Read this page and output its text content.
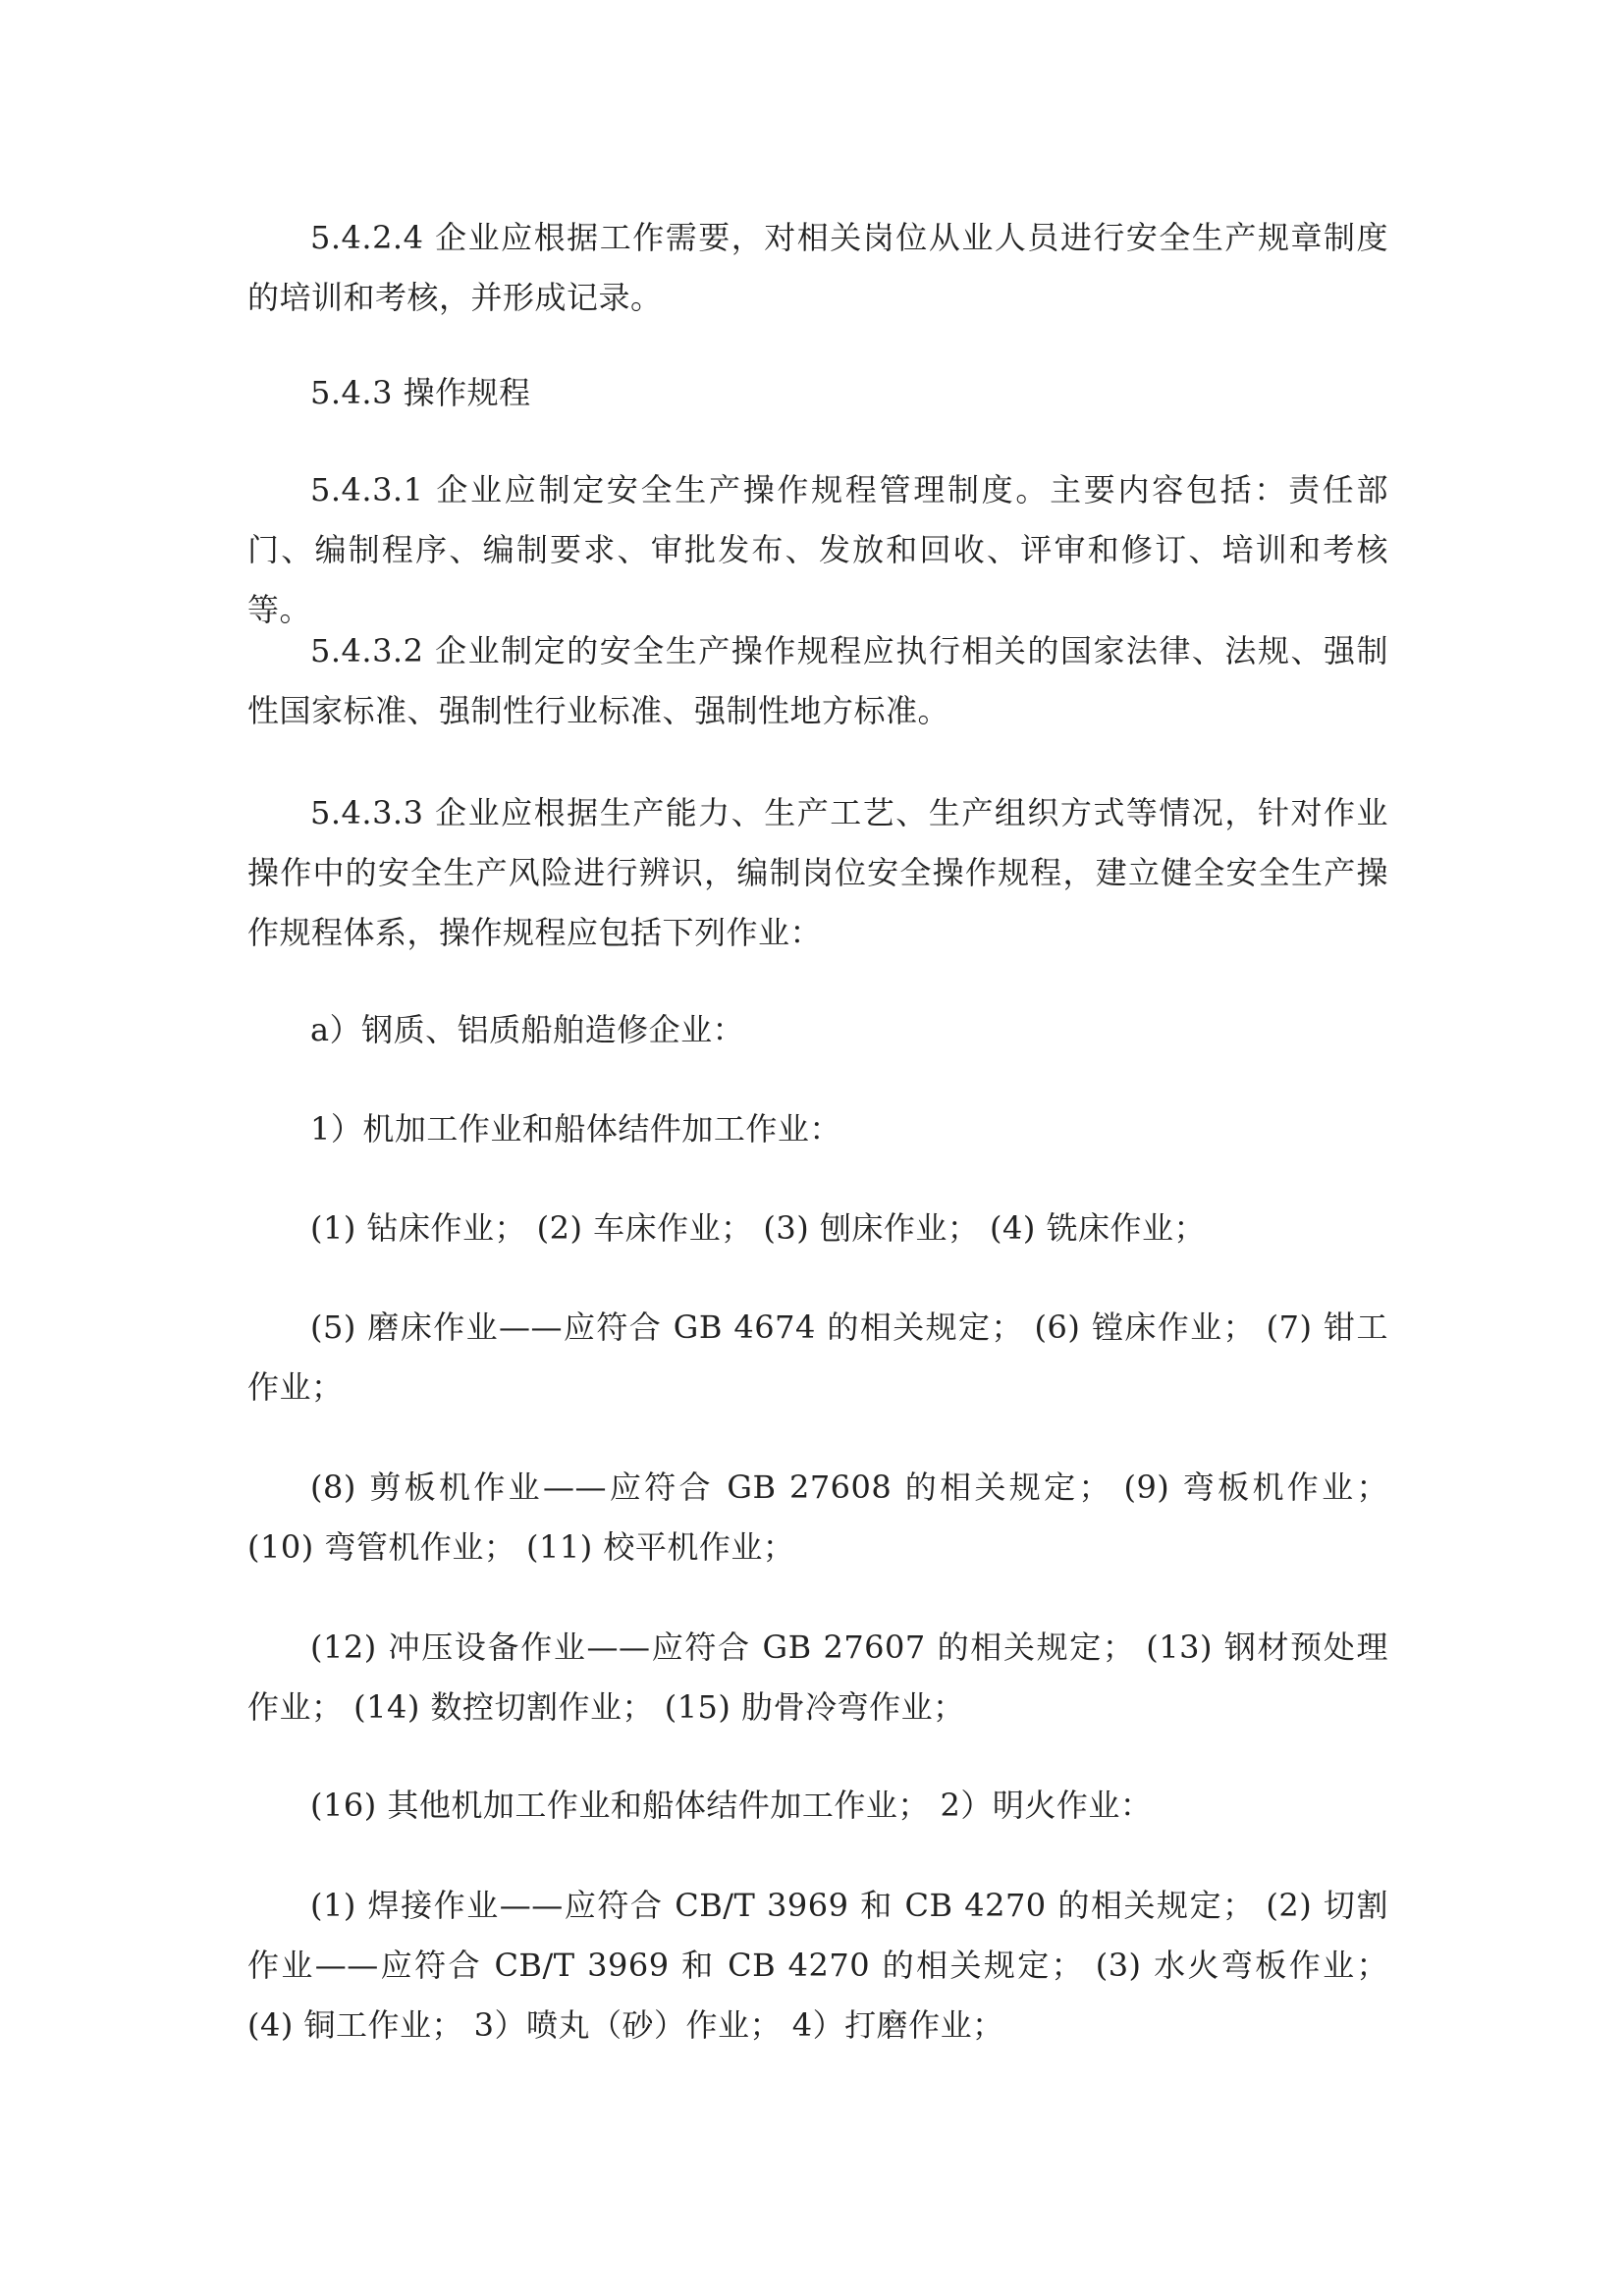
5.4.2.4 企业应根据工作需要，对相关岗位从业人员进行安全生产规章制度的培训和考核，并形成记录。

5.4.3 操作规程

5.4.3.1 企业应制定安全生产操作规程管理制度。主要内容包括：责任部门、编制程序、编制要求、审批发布、发放和回收、评审和修订、培训和考核等。

5.4.3.2 企业制定的安全生产操作规程应执行相关的国家法律、法规、强制性国家标准、强制性行业标准、强制性地方标准。

5.4.3.3 企业应根据生产能力、生产工艺、生产组织方式等情况，针对作业操作中的安全生产风险进行辨识，编制岗位安全操作规程，建立健全安全生产操作规程体系，操作规程应包括下列作业：

a）钢质、铝质船舶造修企业：

1）机加工作业和船体结件加工作业：

(1) 钻床作业； (2) 车床作业； (3) 刨床作业； (4) 铣床作业；

(5) 磨床作业——应符合 GB 4674 的相关规定； (6) 镗床作业； (7) 钳工作业；

(8) 剪板机作业——应符合 GB 27608 的相关规定； (9) 弯板机作业； (10) 弯管机作业； (11) 校平机作业；

(12) 冲压设备作业——应符合 GB 27607 的相关规定； (13) 钢材预处理作业； (14) 数控切割作业； (15) 肋骨冷弯作业；

(16) 其他机加工作业和船体结件加工作业； 2）明火作业：

(1) 焊接作业——应符合 CB/T 3969 和 CB 4270 的相关规定； (2) 切割作业——应符合 CB/T 3969 和 CB 4270 的相关规定； (3) 水火弯板作业； (4) 铜工作业； 3）喷丸（砂）作业； 4）打磨作业；
